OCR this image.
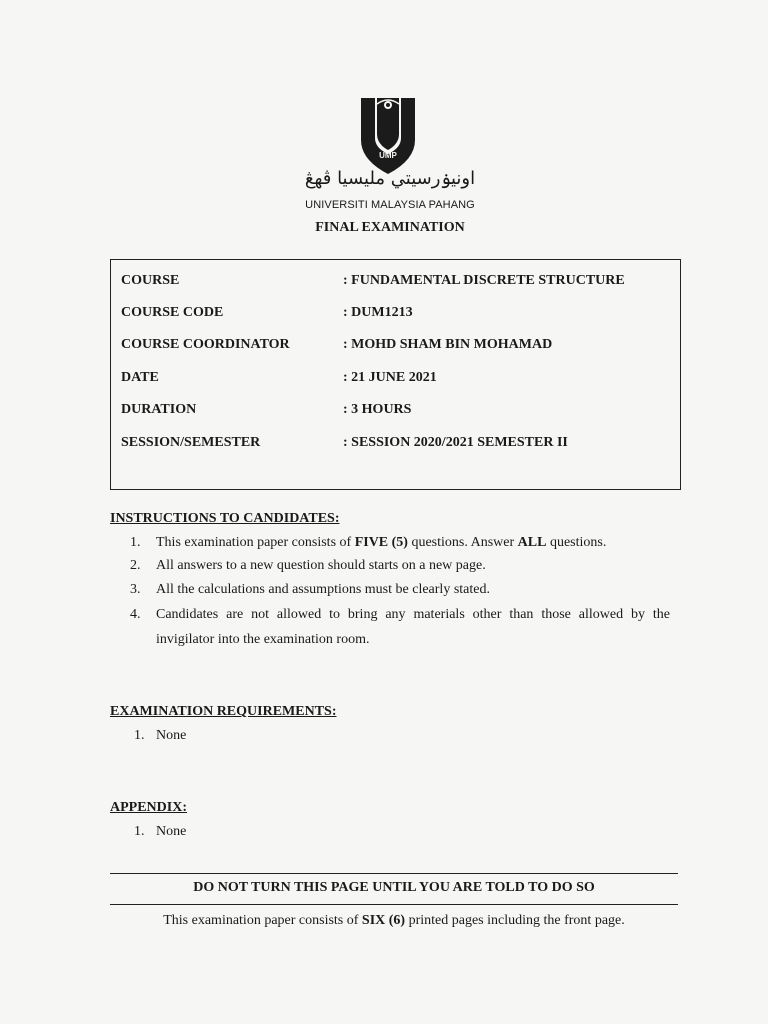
UMP
اونيۏرسيتي مليسيا ڤهڠ
UNIVERSITI MALAYSIA PAHANG
FINAL EXAMINATION
COURSE	: FUNDAMENTAL DISCRETE STRUCTURE
COURSE CODE	: DUM1213
COURSE COORDINATOR	: MOHD SHAM BIN MOHAMAD
DATE	: 21 JUNE 2021
DURATION	: 3 HOURS
SESSION/SEMESTER	: SESSION 2020/2021 SEMESTER II
INSTRUCTIONS TO CANDIDATES:
1. This examination paper consists of FIVE (5) questions. Answer ALL questions.
2. All answers to a new question should starts on a new page.
3. All the calculations and assumptions must be clearly stated.
4. Candidates are not allowed to bring any materials other than those allowed by the
invigilator into the examination room.
EXAMINATION REQUIREMENTS:
1. None
APPENDIX:
1. None
DO NOT TURN THIS PAGE UNTIL YOU ARE TOLD TO DO SO
This examination paper consists of SIX (6) printed pages including the front page.
